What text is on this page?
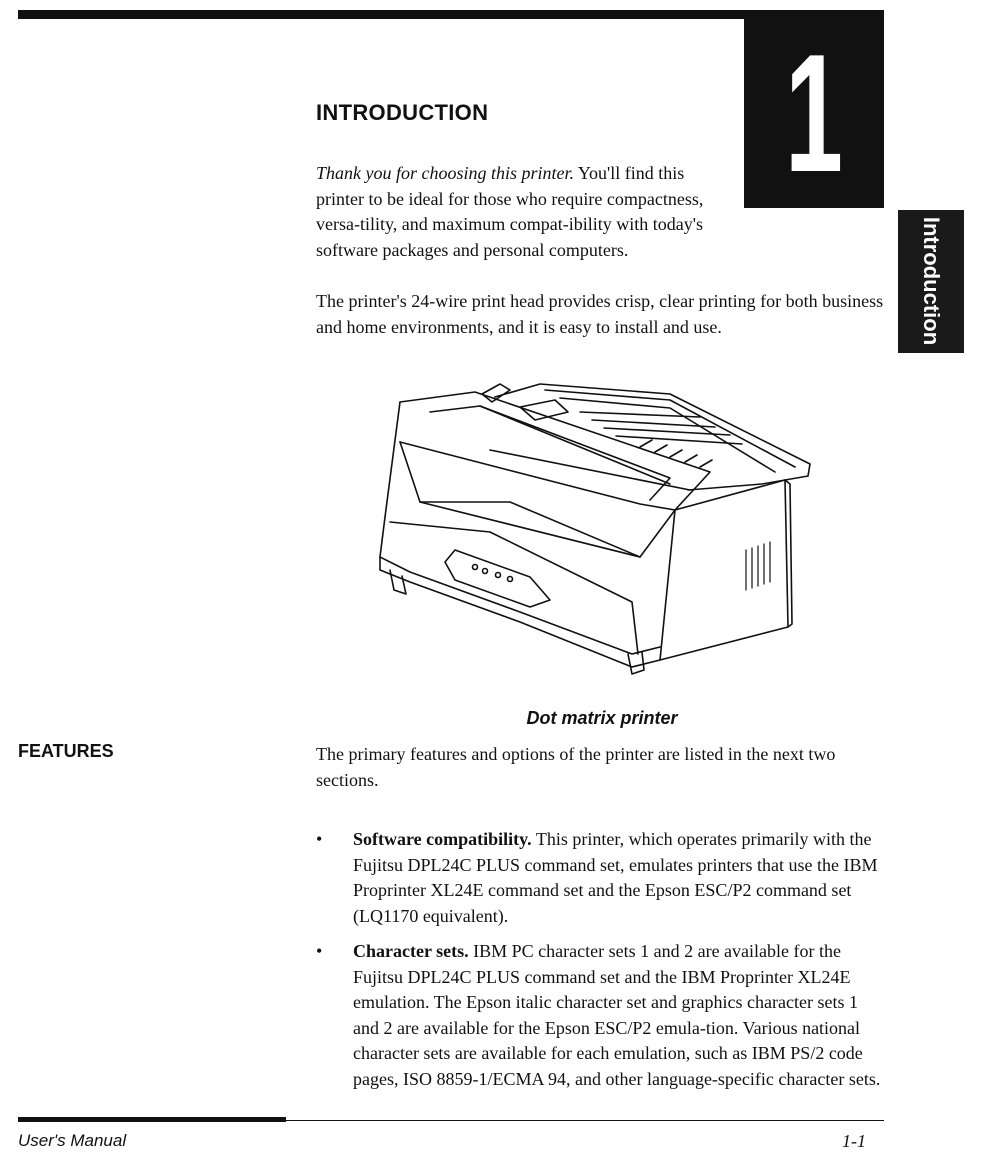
1
Introduction
INTRODUCTION

Thank you for choosing this printer. You'll find this printer to be ideal for those who require compactness, versa-tility, and maximum compat-ibility with today's software packages and personal computers.

The printer's 24-wire print head provides crisp, clear printing for both business and home environments, and it is easy to install and use.

Dot matrix printer
FEATURES	The primary features and options of the printer are listed in the next two sections.

• Software compatibility. This printer, which operates primarily with the Fujitsu DPL24C PLUS command set, emulates printers that use the IBM Proprinter XL24E command set and the Epson ESC/P2 command set (LQ1170 equivalent).
• Character sets. IBM PC character sets 1 and 2 are available for the Fujitsu DPL24C PLUS command set and the IBM Proprinter XL24E emulation. The Epson italic character set and graphics character sets 1 and 2 are available for the Epson ESC/P2 emula-tion. Various national character sets are available for each emulation, such as IBM PS/2 code pages, ISO 8859-1/ECMA 94, and other language-specific character sets.
User's Manual	1-1
